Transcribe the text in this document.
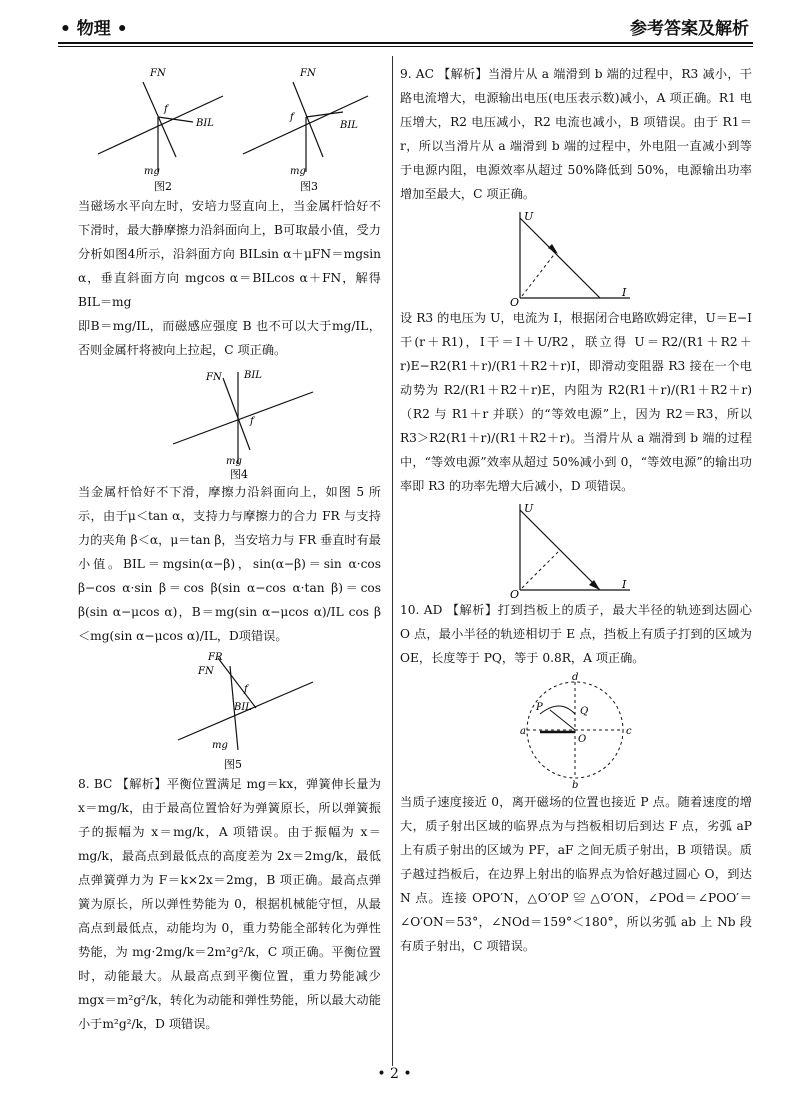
• 物理 •	参考答案及解析
FN
f
BIL
mg
图2
FN
f
BIL
mg
图3

当磁场水平向左时，安培力竖直向上，当金属杆恰好不下滑时，最大静摩擦力沿斜面向上，B可取最小值，受力分析如图4所示，沿斜面方向 BILsin α＋μFN＝mgsin α，垂直斜面方向 mgcos α＝BILcos α＋FN，解得 BIL＝mg

即B＝mg/IL，而磁感应强度 B 也不可以大于mg/IL，否则金属杆将被向上拉起，C 项正确。

FN BIL
f
mg
图4

当金属杆恰好不下滑，摩擦力沿斜面向上，如图 5 所示，由于μ＜tan α，支持力与摩擦力的合力 FR 与支持力的夹角 β＜α，μ＝tan β，当安培力与 FR 垂直时有最小值。BIL＝mgsin(α−β)，sin(α−β)＝sin α·cos β−cos α·sin β＝cos β(sin α−cos α·tan β)＝cos β(sin α−μcos α)，B＝mg(sin α−μcos α)/IL cos β＜mg(sin α−μcos α)/IL，D项错误。

FR
FN
f
BIL
mg
图5

8. BC 【解析】平衡位置满足 mg＝kx，弹簧伸长量为 x＝mg/k，由于最高位置恰好为弹簧原长，所以弹簧振子的振幅为 x＝mg/k，A 项错误。由于振幅为 x＝mg/k，最高点到最低点的高度差为 2x＝2mg/k，最低点弹簧弹力为 F＝k×2x＝2mg，B 项正确。最高点弹簧为原长，所以弹性势能为 0，根据机械能守恒，从最高点到最低点，动能均为 0，重力势能全部转化为弹性势能，为 mg·2mg/k＝2m²g²/k，C 项正确。平衡位置时，动能最大。从最高点到平衡位置，重力势能减少 mgx＝m²g²/k，转化为动能和弹性势能，所以最大动能小于m²g²/k，D 项错误。

9. AC 【解析】当滑片从 a 端滑到 b 端的过程中，R3 减小，干路电流增大，电源输出电压(电压表示数)减小，A 项正确。R1 电压增大，R2 电压减小，R2 电流也减小，B 项错误。由于 R1＝r，所以当滑片从 a 端滑到 b 端的过程中，外电阻一直减小到等于电源内阻，电源效率从超过 50%降低到 50%，电源输出功率增加至最大，C 项正确。

U
I
O

设 R3 的电压为 U，电流为 I，根据闭合电路欧姆定律，U＝E−I干(r＋R1)，I干＝I＋U/R2，联立得 U＝R2/(R1＋R2＋r)E−R2(R1＋r)/(R1＋R2＋r)I，即滑动变阻器 R3 接在一个电动势为 R2/(R1＋R2＋r)E，内阻为 R2(R1＋r)/(R1＋R2＋r)（R2 与 R1＋r 并联）的“等效电源”上，因为 R2＝R3，所以 R3＞R2(R1＋r)/(R1＋R2＋r)。当滑片从 a 端滑到 b 端的过程中，“等效电源”效率从超过 50%减小到 0，“等效电源”的输出功率即 R3 的功率先增大后减小，D 项错误。

U
I
O

10. AD 【解析】打到挡板上的质子，最大半径的轨迹到达圆心 O 点，最小半径的轨迹相切于 E 点，挡板上有质子打到的区域为 OE，长度等于 PQ，等于 0.8R，A 项正确。

d
P	Q
a
O
c
b

当质子速度接近 0，离开磁场的位置也接近 P 点。随着速度的增大，质子射出区域的临界点为与挡板相切后到达 F 点，劣弧 aP 上有质子射出的区域为 PF，aF 之间无质子射出，B 项错误。质子越过挡板后，在边界上射出的临界点为恰好越过圆心 O，到达 N 点。连接 OPO′N，△O′OP ≌ △O′ON，∠POd＝∠POO′＝∠O′ON＝53°，∠NOd＝159°＜180°，所以劣弧 ab 上 Nb 段有质子射出，C 项错误。

• 2 •
